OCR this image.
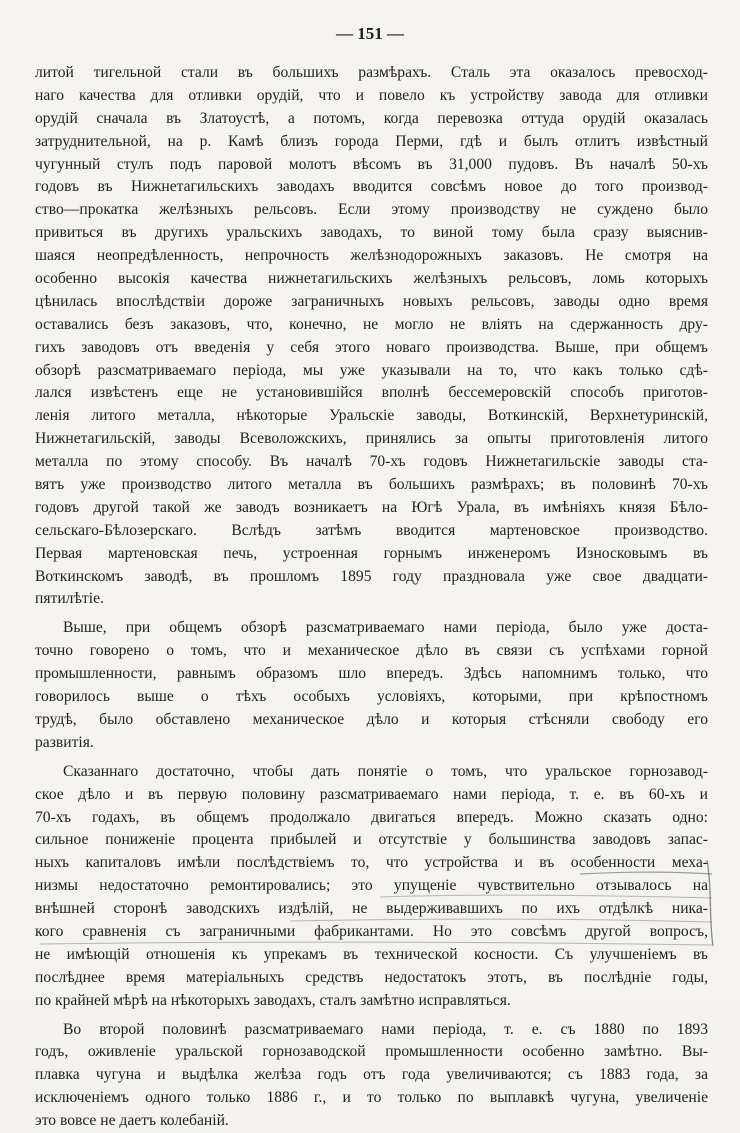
— 151 —
литой тигельной стали въ большихъ размѣрахъ. Сталь эта оказалось превосход-
наго качества для отливки орудій, что и повело къ устройству завода для отливки
орудій сначала въ Златоустѣ, а потомъ, когда перевозка оттуда орудій оказалась
затруднительной, на р. Камѣ близъ города Перми, гдѣ и былъ отлитъ извѣстный
чугунный стулъ подъ паровой молотъ вѣсомъ въ 31,000 пудовъ. Въ началѣ 50-хъ
годовъ въ Нижнетагильскихъ заводахъ вводится совсѣмъ новое до того производ-
ство—прокатка желѣзныхъ рельсовъ. Если этому производству не суждено было
привиться въ другихъ уральскихъ заводахъ, то виной тому была сразу выяснив-
шаяся неопредѣленность, непрочность желѣзнодорожныхъ заказовъ. Не смотря на
особенно высокія качества нижнетагильскихъ желѣзныхъ рельсовъ, ломь которыхъ
цѣнилась впослѣдствіи дороже заграничныхъ новыхъ рельсовъ, заводы одно время
оставались безъ заказовъ, что, конечно, не могло не вліять на сдержанность дру-
гихъ заводовъ отъ введенія у себя этого новаго производства. Выше, при общемъ
обзорѣ разсматриваемаго періода, мы уже указывали на то, что какъ только сдѣ-
лался извѣстенъ еще не установившійся вполнѣ бессемеровскій способъ приготов-
ленія литого металла, нѣкоторые Уральскіе заводы, Воткинскій, Верхнетуринскій,
Нижнетагильскій, заводы Всеволожскихъ, принялись за опыты приготовленія литого
металла по этому способу. Въ началѣ 70-хъ годовъ Нижнетагильскіе заводы ста-
вятъ уже производство литого металла въ большихъ размѣрахъ; въ половинѣ 70-хъ
годовъ другой такой же заводъ возникаетъ на Югѣ Урала, въ имѣніяхъ князя Бѣло-
сельскаго-Бѣлозерскаго. Вслѣдъ затѣмъ вводится мартеновское производство.
Первая мартеновская печь, устроенная горнымъ инженеромъ Износковымъ въ
Воткинскомъ заводѣ, въ прошломъ 1895 году праздновала уже свое двадцати-
пятилѣтіе.
Выше, при общемъ обзорѣ разсматриваемаго нами періода, было уже доста-
точно говорено о томъ, что и механическое дѣло въ связи съ успѣхами горной
промышленности, равнымъ образомъ шло впередъ. Здѣсь напомнимъ только, что
говорилось выше о тѣхъ особыхъ условіяхъ, которыми, при крѣпостномъ
трудѣ, было обставлено механическое дѣло и которыя стѣсняли свободу его
развитія.
Сказаннаго достаточно, чтобы дать понятіе о томъ, что уральское горнозавод-
ское дѣло и въ первую половину разсматриваемаго нами періода, т. е. въ 60-хъ и
70-хъ годахъ, въ общемъ продолжало двигаться впередъ. Можно сказать одно:
сильное пониженіе процента прибылей и отсутствіе у большинства заводовъ запас-
ныхъ капиталовъ имѣли послѣдствіемъ то, что устройства и въ особенности меха-
низмы недостаточно ремонтировались; это упущеніе чувствительно отзывалось на
внѣшней сторонѣ заводскихъ издѣлій, не выдерживавшихъ по ихъ отдѣлкѣ ника-
кого сравненія съ заграничными фабрикантами. Но это совсѣмъ другой вопросъ,
не имѣющій отношенія къ упрекамъ въ технической косности. Съ улучшеніемъ въ
послѣднее время матеріальныхъ средствъ недостатокъ этотъ, въ послѣдніе годы,
по крайней мѣрѣ на нѣкоторыхъ заводахъ, сталъ замѣтно исправляться.
Во второй половинѣ разсматриваемаго нами періода, т. е. съ 1880 по 1893
годъ, оживленіе уральской горнозаводской промышленности особенно замѣтно. Вы-
плавка чугуна и выдѣлка желѣза годъ отъ года увеличиваются; съ 1883 года, за
исключеніемъ одного только 1886 г., и то только по выплавкѣ чугуна, увеличеніе
это вовсе не даетъ колебаній.
